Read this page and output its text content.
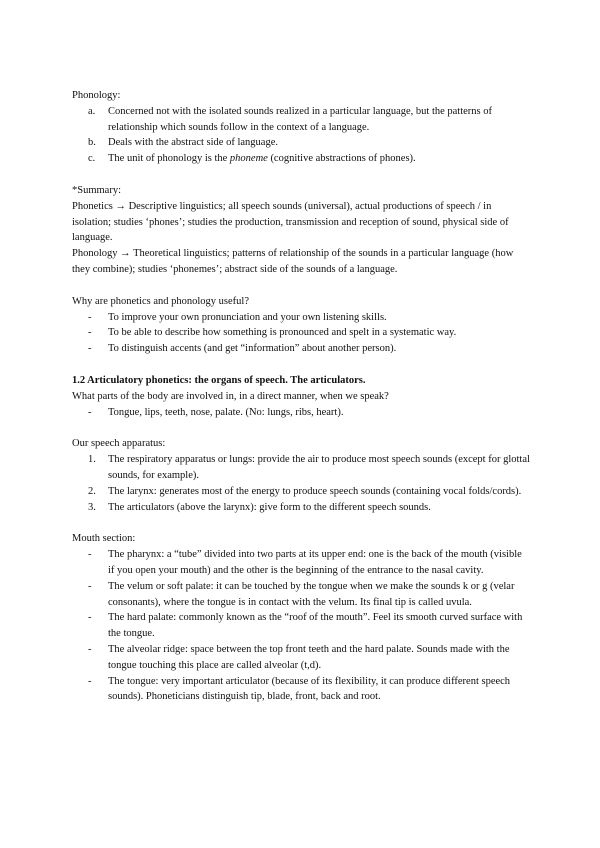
Phonology:

a. Concerned not with the isolated sounds realized in a particular language, but the patterns of relationship which sounds follow in the context of a language.
b. Deals with the abstract side of language.
c. The unit of phonology is the phoneme (cognitive abstractions of phones).

*Summary:

Phonetics → Descriptive linguistics; all speech sounds (universal), actual productions of speech / in isolation; studies ‘phones’; studies the production, transmission and reception of sound, physical side of language.

Phonology → Theoretical linguistics; patterns of relationship of the sounds in a particular language (how they combine); studies ‘phonemes’; abstract side of the sounds of a language.

Why are phonetics and phonology useful?

- To improve your own pronunciation and your own listening skills.
- To be able to describe how something is pronounced and spelt in a systematic way.
- To distinguish accents (and get “information” about another person).

1.2 Articulatory phonetics: the organs of speech. The articulators.

What parts of the body are involved in, in a direct manner, when we speak?

- Tongue, lips, teeth, nose, palate. (No: lungs, ribs, heart).

Our speech apparatus:

1. The respiratory apparatus or lungs: provide the air to produce most speech sounds (except for glottal sounds, for example).
2. The larynx: generates most of the energy to produce speech sounds (containing vocal folds/cords).
3. The articulators (above the larynx): give form to the different speech sounds.

Mouth section:

- The pharynx: a “tube” divided into two parts at its upper end: one is the back of the mouth (visible if you open your mouth) and the other is the beginning of the entrance to the nasal cavity.
- The velum or soft palate: it can be touched by the tongue when we make the sounds k or g (velar consonants), where the tongue is in contact with the velum. Its final tip is called uvula.
- The hard palate: commonly known as the “roof of the mouth”. Feel its smooth curved surface with the tongue.
- The alveolar ridge: space between the top front teeth and the hard palate. Sounds made with the tongue touching this place are called alveolar (t,d).
- The tongue: very important articulator (because of its flexibility, it can produce different speech sounds). Phoneticians distinguish tip, blade, front, back and root.
